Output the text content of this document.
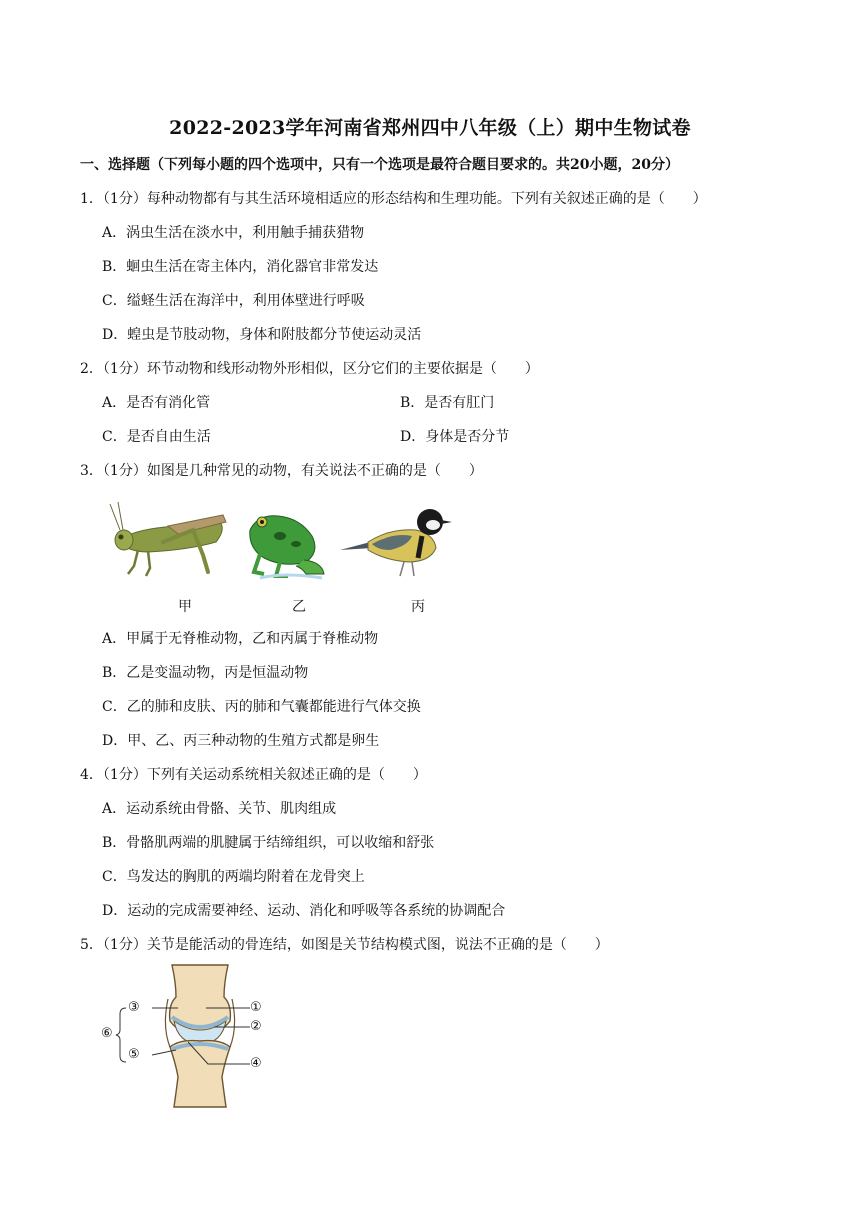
2022-2023学年河南省郑州四中八年级（上）期中生物试卷
一、选择题（下列每小题的四个选项中，只有一个选项是最符合题目要求的。共20小题，20分）
1．（1分）每种动物都有与其生活环境相适应的形态结构和生理功能。下列有关叙述正确的是（　　）
A．涡虫生活在淡水中，利用触手捕获猎物
B．蛔虫生活在寄主体内，消化器官非常发达
C．缢蛏生活在海洋中，利用体壁进行呼吸
D．蝗虫是节肢动物，身体和附肢都分节使运动灵活
2．（1分）环节动物和线形动物外形相似，区分它们的主要依据是（　　）
A．是否有消化管	B．是否有肛门
C．是否自由生活	D．身体是否分节
3．（1分）如图是几种常见的动物，有关说法不正确的是（　　）
甲	乙	丙
A．甲属于无脊椎动物，乙和丙属于脊椎动物
B．乙是变温动物，丙是恒温动物
C．乙的肺和皮肤、丙的肺和气囊都能进行气体交换
D．甲、乙、丙三种动物的生殖方式都是卵生
4．（1分）下列有关运动系统相关叙述正确的是（　　）
A．运动系统由骨骼、关节、肌肉组成
B．骨骼肌两端的肌腱属于结缔组织，可以收缩和舒张
C．鸟发达的胸肌的两端均附着在龙骨突上
D．运动的完成需要神经、运动、消化和呼吸等各系统的协调配合
5．（1分）关节是能活动的骨连结，如图是关节结构模式图，说法不正确的是（　　）
③	①
②
⑥
⑤
④
